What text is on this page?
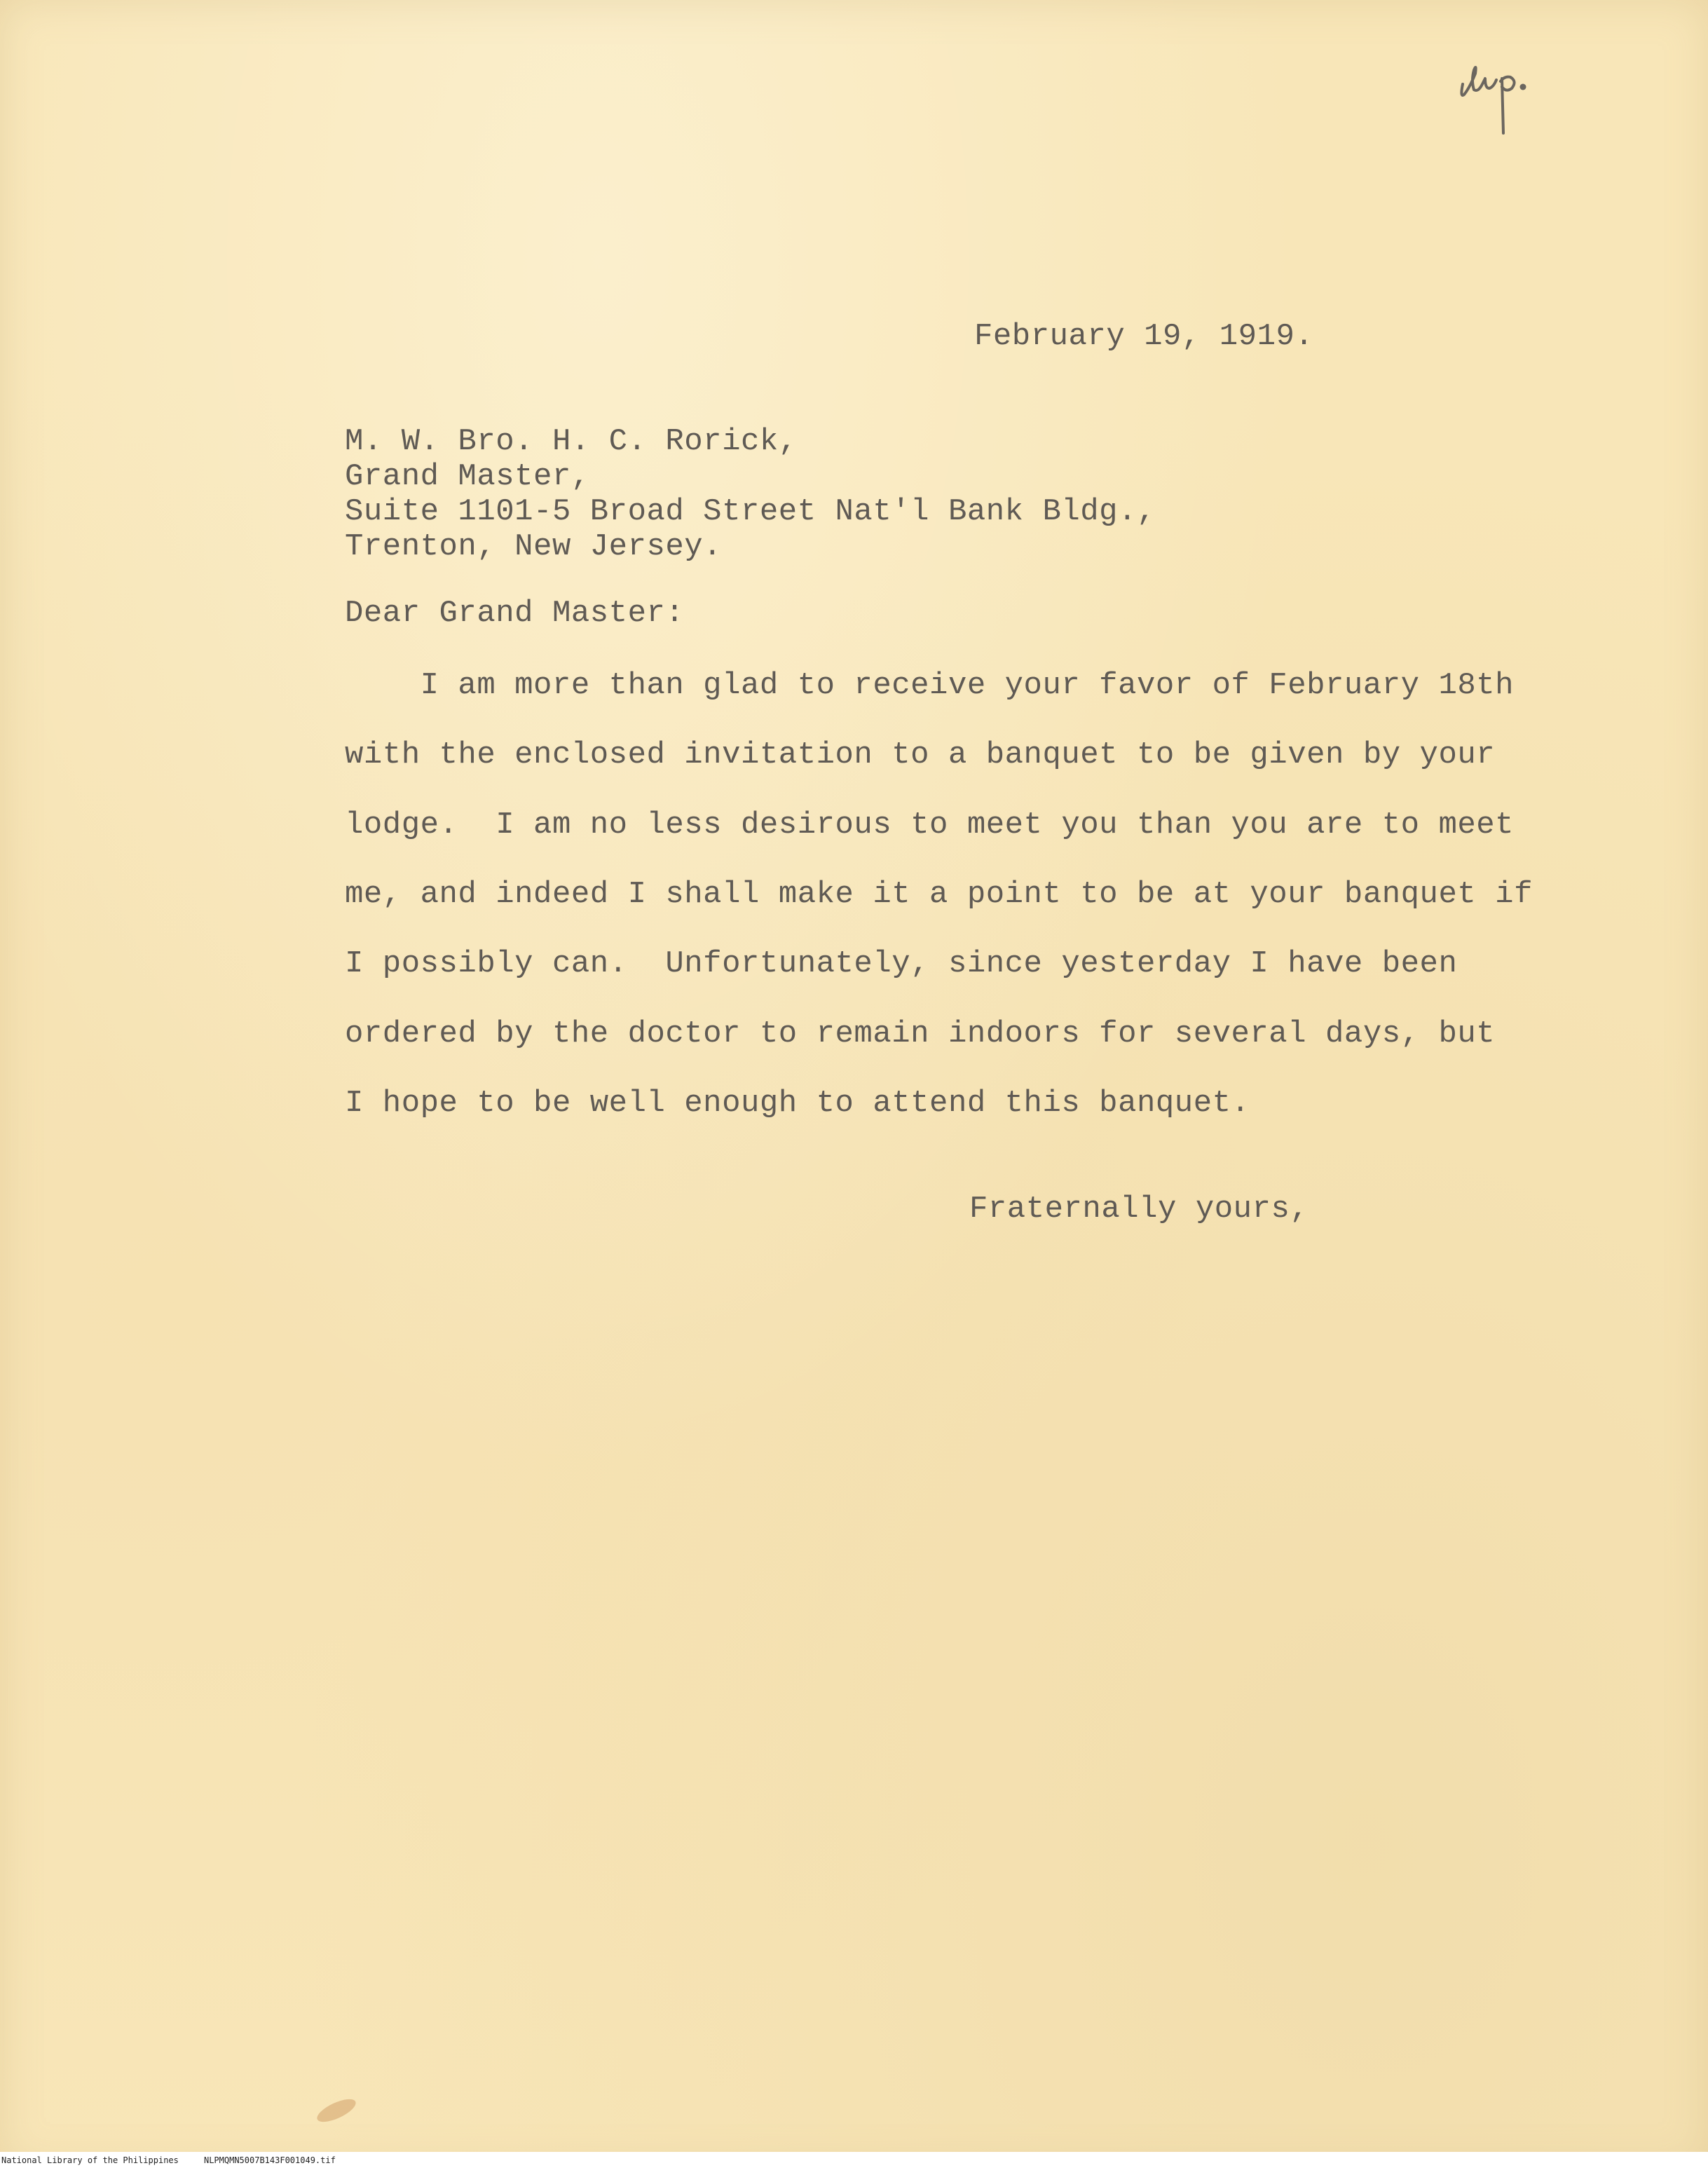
February 19, 1919.
M. W. Bro. H. C. Rorick,
Grand Master,
Suite 1101-5 Broad Street Nat'l Bank Bldg.,
Trenton, New Jersey.
Dear Grand Master:
I am more than glad to receive your favor of February 18th
with the enclosed invitation to a banquet to be given by your
lodge.  I am no less desirous to meet you than you are to meet
me, and indeed I shall make it a point to be at your banquet if
I possibly can.  Unfortunately, since yesterday I have been
ordered by the doctor to remain indoors for several days, but
I hope to be well enough to attend this banquet.
Fraternally yours,
National Library of the Philippines     NLPMQMN5007B143F001049.tif
